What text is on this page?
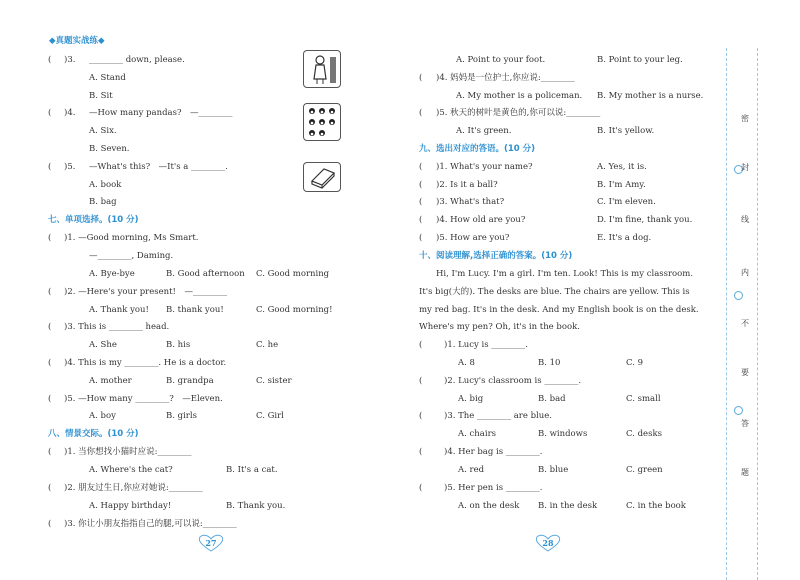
◆真题实战练◆
( )3. ________ down, please.
A. Stand
B. Sit
( )4. —How many pandas?　—________
A. Six.
B. Seven.
( )5. —What's this?　—It's a ________.
A. book
B. bag
七、单项选择。(10 分)
( )1. —Good morning, Ms Smart.
—________, Daming.
A. Bye-bye	B. Good afternoon C. Good morning
( )2. —Here's your present!　—________
A. Thank you! B. thank you!	C. Good morning!
( )3. This is ________ head.
A. She	B. his	C. he
( )4. This is my ________. He is a doctor.
A. mother	B. grandpa	C. sister
( )5. —How many ________?　—Eleven.
A. boy	B. girls	C. Girl
八、情景交际。(10 分)
( )1. 当你想找小猫时应说:________
A. Where's the cat?	B. It's a cat.
( )2. 朋友过生日,你应对她说:________
A. Happy birthday!	B. Thank you.
( )3. 你让小朋友指指自己的腿,可以说:________
27
A. Point to your foot.	B. Point to your leg.
( )4. 妈妈是一位护士,你应说:________
A. My mother is a policeman. B. My mother is a nurse.
( )5. 秋天的树叶是黄色的,你可以说:________
A. It's green.	B. It's yellow.
九、选出对应的答语。(10 分)
( )1. What's your name?	A. Yes, it is.
( )2. Is it a ball?	B. I'm Amy.
( )3. What's that?	C. I'm eleven.
( )4. How old are you?	D. I'm fine, thank you.
( )5. How are you?	E. It's a dog.
十、阅读理解,选择正确的答案。(10 分)
Hi, I'm Lucy. I'm a girl. I'm ten. Look! This is my classroom.
It's big(大的). The desks are blue. The chairs are yellow. This is
my red bag. It's in the desk. And my English book is on the desk.
Where's my pen? Oh, it's in the book.
(	)1. Lucy is ________.
A. 8	B. 10	C. 9
(	)2. Lucy's classroom is ________.
A. big	B. bad	C. small
(	)3. The ________ are blue.
A. chairs	B. windows	C. desks
(	)4. Her bag is ________.
A. red	B. blue	C. green
(	)5. Her pen is ________.
A. on the desk B. in the desk	C. in the book
28
密
封
线
内
不
要
答
题
